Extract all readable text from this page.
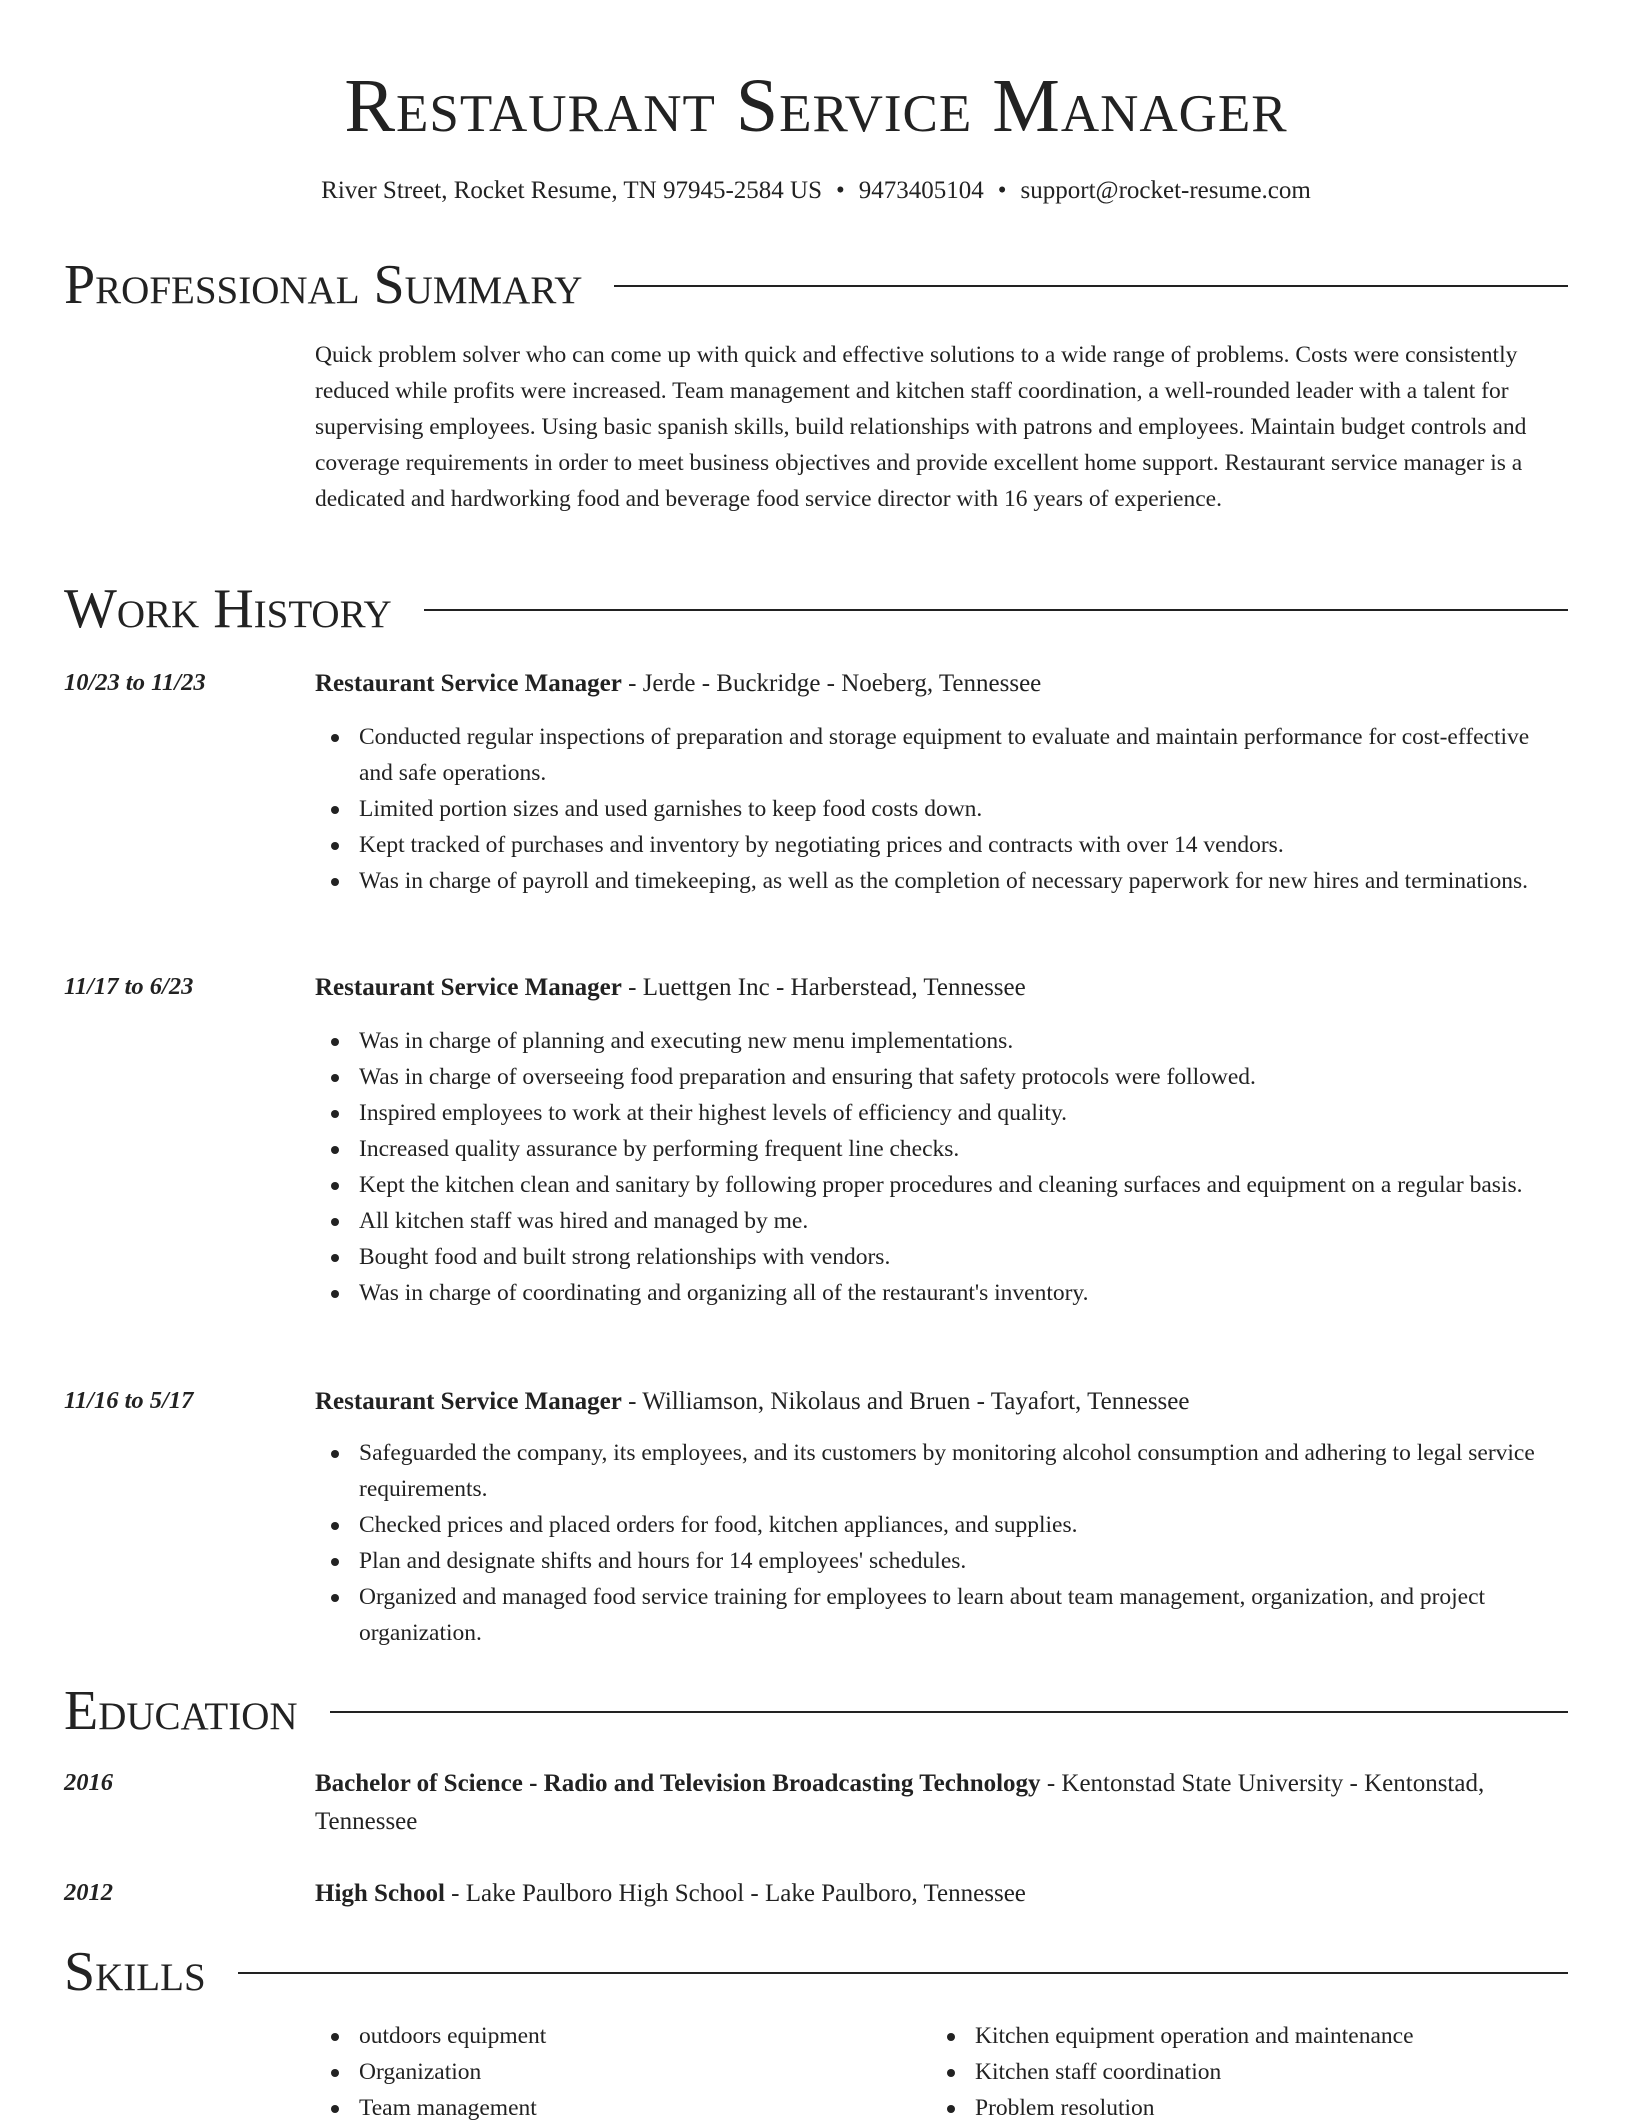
Restaurant Service Manager
River Street, Rocket Resume, TN 97945-2584 US • 9473405104 • support@rocket-resume.com
Professional Summary

Quick problem solver who can come up with quick and effective solutions to a wide range of problems. Costs were consistently reduced while profits were increased. Team management and kitchen staff coordination, a well-rounded leader with a talent for supervising employees. Using basic spanish skills, build relationships with patrons and employees. Maintain budget controls and coverage requirements in order to meet business objectives and provide excellent home support. Restaurant service manager is a dedicated and hardworking food and beverage food service director with 16 years of experience.

Work History
10/23 to 11/23	Restaurant Service Manager - Jerde - Buckridge - Noeberg, Tennessee
Conducted regular inspections of preparation and storage equipment to evaluate and maintain performance for cost-effective and safe operations.
Limited portion sizes and used garnishes to keep food costs down.
Kept tracked of purchases and inventory by negotiating prices and contracts with over 14 vendors.
Was in charge of payroll and timekeeping, as well as the completion of necessary paperwork for new hires and terminations.
11/17 to 6/23	Restaurant Service Manager - Luettgen Inc - Harberstead, Tennessee
Was in charge of planning and executing new menu implementations.
Was in charge of overseeing food preparation and ensuring that safety protocols were followed.
Inspired employees to work at their highest levels of efficiency and quality.
Increased quality assurance by performing frequent line checks.
Kept the kitchen clean and sanitary by following proper procedures and cleaning surfaces and equipment on a regular basis.
All kitchen staff was hired and managed by me.
Bought food and built strong relationships with vendors.
Was in charge of coordinating and organizing all of the restaurant's inventory.
11/16 to 5/17	Restaurant Service Manager - Williamson, Nikolaus and Bruen - Tayafort, Tennessee
Safeguarded the company, its employees, and its customers by monitoring alcohol consumption and adhering to legal service requirements.
Checked prices and placed orders for food, kitchen appliances, and supplies.
Plan and designate shifts and hours for 14 employees' schedules.
Organized and managed food service training for employees to learn about team management, organization, and project organization.
Education
2016	Bachelor of Science - Radio and Television Broadcasting Technology - Kentonstad State University - Kentonstad, Tennessee
2012	High School - Lake Paulboro High School - Lake Paulboro, Tennessee
Skills
outdoors equipment
Organization
Team management
Kitchen equipment operation and maintenance
Kitchen staff coordination
Problem resolution
